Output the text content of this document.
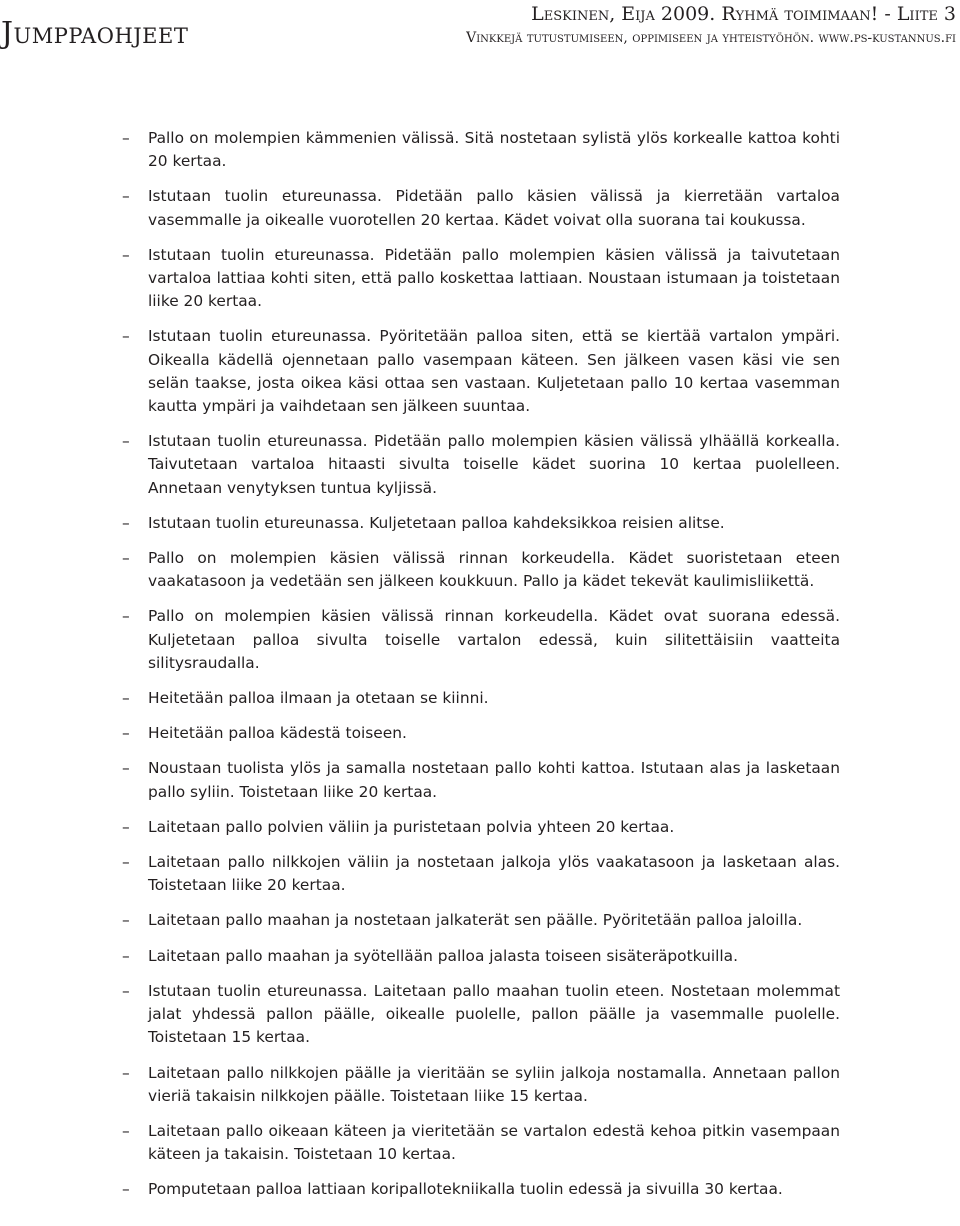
Jumppaohjeet
Leskinen, Eija 2009. Ryhmä toimimaan! - Liite 3
Vinkkejä tutustumiseen, oppimiseen ja yhteistyöhön. www.ps-kustannus.fi
– Pallo on molempien kämmenien välissä. Sitä nostetaan sylistä ylös korkealle kattoa kohti 20 kertaa.
– Istutaan tuolin etureunassa. Pidetään pallo käsien välissä ja kierretään vartaloa vasemmalle ja oikealle vuorotellen 20 kertaa. Kädet voivat olla suorana tai koukussa.
– Istutaan tuolin etureunassa. Pidetään pallo molempien käsien välissä ja taivutetaan vartaloa lattiaa kohti siten, että pallo koskettaa lattiaan. Noustaan istumaan ja toistetaan liike 20 kertaa.
– Istutaan tuolin etureunassa. Pyöritetään palloa siten, että se kiertää vartalon ympäri. Oikealla kädellä ojennetaan pallo vasempaan käteen. Sen jälkeen vasen käsi vie sen selän taakse, josta oikea käsi ottaa sen vastaan. Kuljetetaan pallo 10 kertaa vasemman kautta ympäri ja vaihdetaan sen jälkeen suuntaa.
– Istutaan tuolin etureunassa. Pidetään pallo molempien käsien välissä ylhäällä korkealla. Taivutetaan vartaloa hitaasti sivulta toiselle kädet suorina 10 kertaa puolelleen. Annetaan venytyksen tuntua kyljissä.
– Istutaan tuolin etureunassa. Kuljetetaan palloa kahdeksikkoa reisien alitse.
– Pallo on molempien käsien välissä rinnan korkeudella. Kädet suoristetaan eteen vaakatasoon ja vedetään sen jälkeen koukkuun. Pallo ja kädet tekevät kaulimisliikettä.
– Pallo on molempien käsien välissä rinnan korkeudella. Kädet ovat suorana edessä. Kuljetetaan palloa sivulta toiselle vartalon edessä, kuin silitettäisiin vaatteita silitysraudalla.
– Heitetään palloa ilmaan ja otetaan se kiinni.
– Heitetään palloa kädestä toiseen.
– Noustaan tuolista ylös ja samalla nostetaan pallo kohti kattoa. Istutaan alas ja lasketaan pallo syliin. Toistetaan liike 20 kertaa.
– Laitetaan pallo polvien väliin ja puristetaan polvia yhteen 20 kertaa.
– Laitetaan pallo nilkkojen väliin ja nostetaan jalkoja ylös vaakatasoon ja lasketaan alas. Toistetaan liike 20 kertaa.
– Laitetaan pallo maahan ja nostetaan jalkaterät sen päälle. Pyöritetään palloa jaloilla.
– Laitetaan pallo maahan ja syötellään palloa jalasta toiseen sisäteräpotkuilla.
– Istutaan tuolin etureunassa. Laitetaan pallo maahan tuolin eteen. Nostetaan molemmat jalat yhdessä pallon päälle, oikealle puolelle, pallon päälle ja vasemmalle puolelle. Toistetaan 15 kertaa.
– Laitetaan pallo nilkkojen päälle ja vieritään se syliin jalkoja nostamalla. Annetaan pallon vieriä takaisin nilkkojen päälle. Toistetaan liike 15 kertaa.
– Laitetaan pallo oikeaan käteen ja vieritetään se vartalon edestä kehoa pitkin vasempaan käteen ja takaisin. Toistetaan 10 kertaa.
– Pomputetaan palloa lattiaan koripallotekniikalla tuolin edessä ja sivuilla 30 kertaa.
